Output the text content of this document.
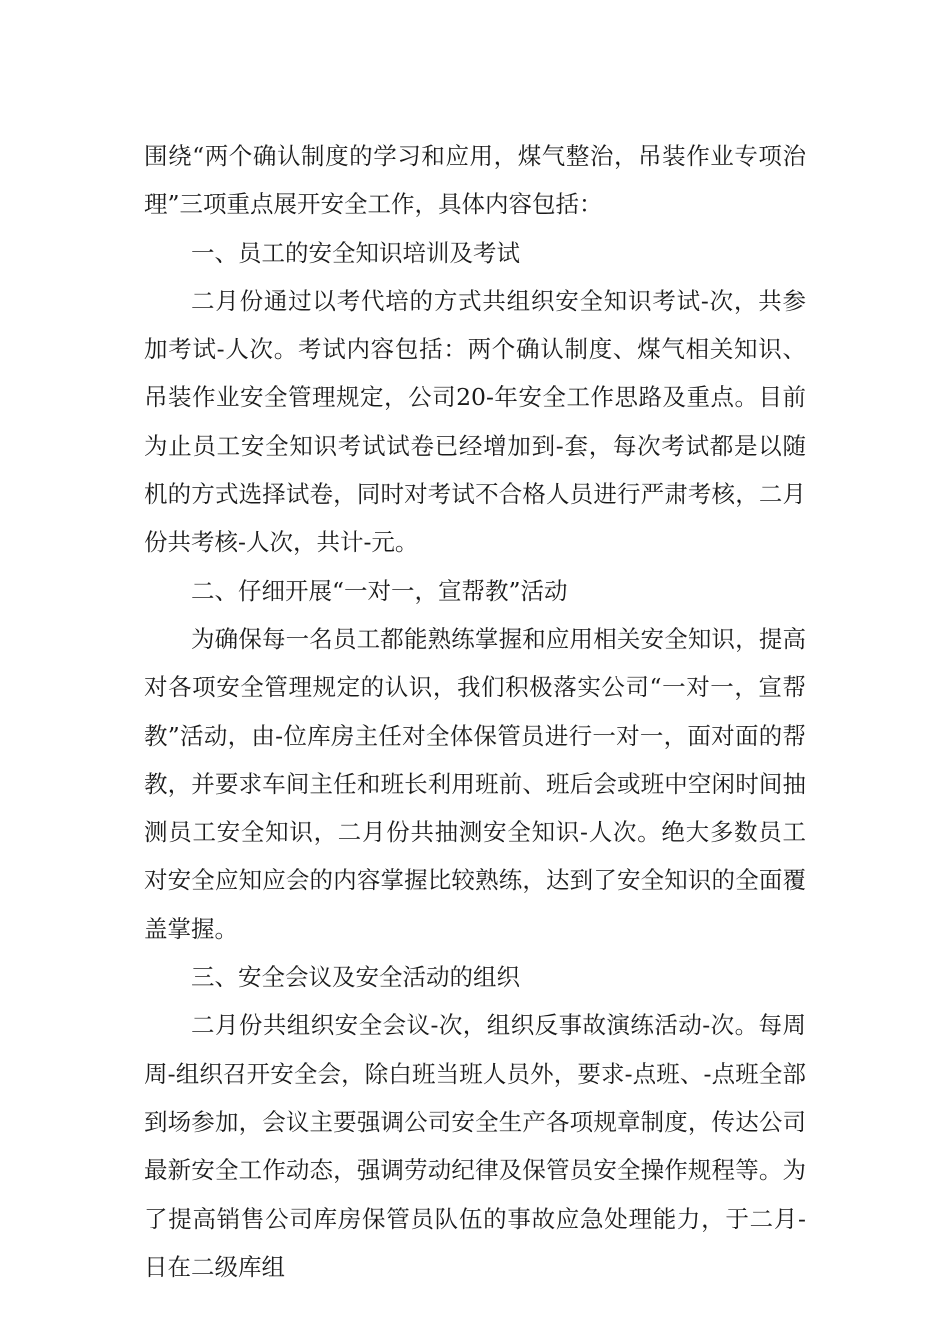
围绕“两个确认制度的学习和应用，煤气整治，吊装作业专项治理”三项重点展开安全工作，具体内容包括：

一、员工的安全知识培训及考试

二月份通过以考代培的方式共组织安全知识考试-次，共参加考试-人次。考试内容包括：两个确认制度、煤气相关知识、吊装作业安全管理规定，公司20-年安全工作思路及重点。目前为止员工安全知识考试试卷已经增加到-套，每次考试都是以随机的方式选择试卷，同时对考试不合格人员进行严肃考核，二月份共考核-人次，共计-元。

二、仔细开展“一对一，宣帮教”活动

为确保每一名员工都能熟练掌握和应用相关安全知识，提高对各项安全管理规定的认识，我们积极落实公司“一对一，宣帮教”活动，由-位库房主任对全体保管员进行一对一，面对面的帮教，并要求车间主任和班长利用班前、班后会或班中空闲时间抽测员工安全知识，二月份共抽测安全知识-人次。绝大多数员工对安全应知应会的内容掌握比较熟练，达到了安全知识的全面覆盖掌握。

三、安全会议及安全活动的组织

二月份共组织安全会议-次，组织反事故演练活动-次。每周周-组织召开安全会，除白班当班人员外，要求-点班、-点班全部到场参加，会议主要强调公司安全生产各项规章制度，传达公司最新安全工作动态，强调劳动纪律及保管员安全操作规程等。为了提高销售公司库房保管员队伍的事故应急处理能力，于二月-日在二级库组
